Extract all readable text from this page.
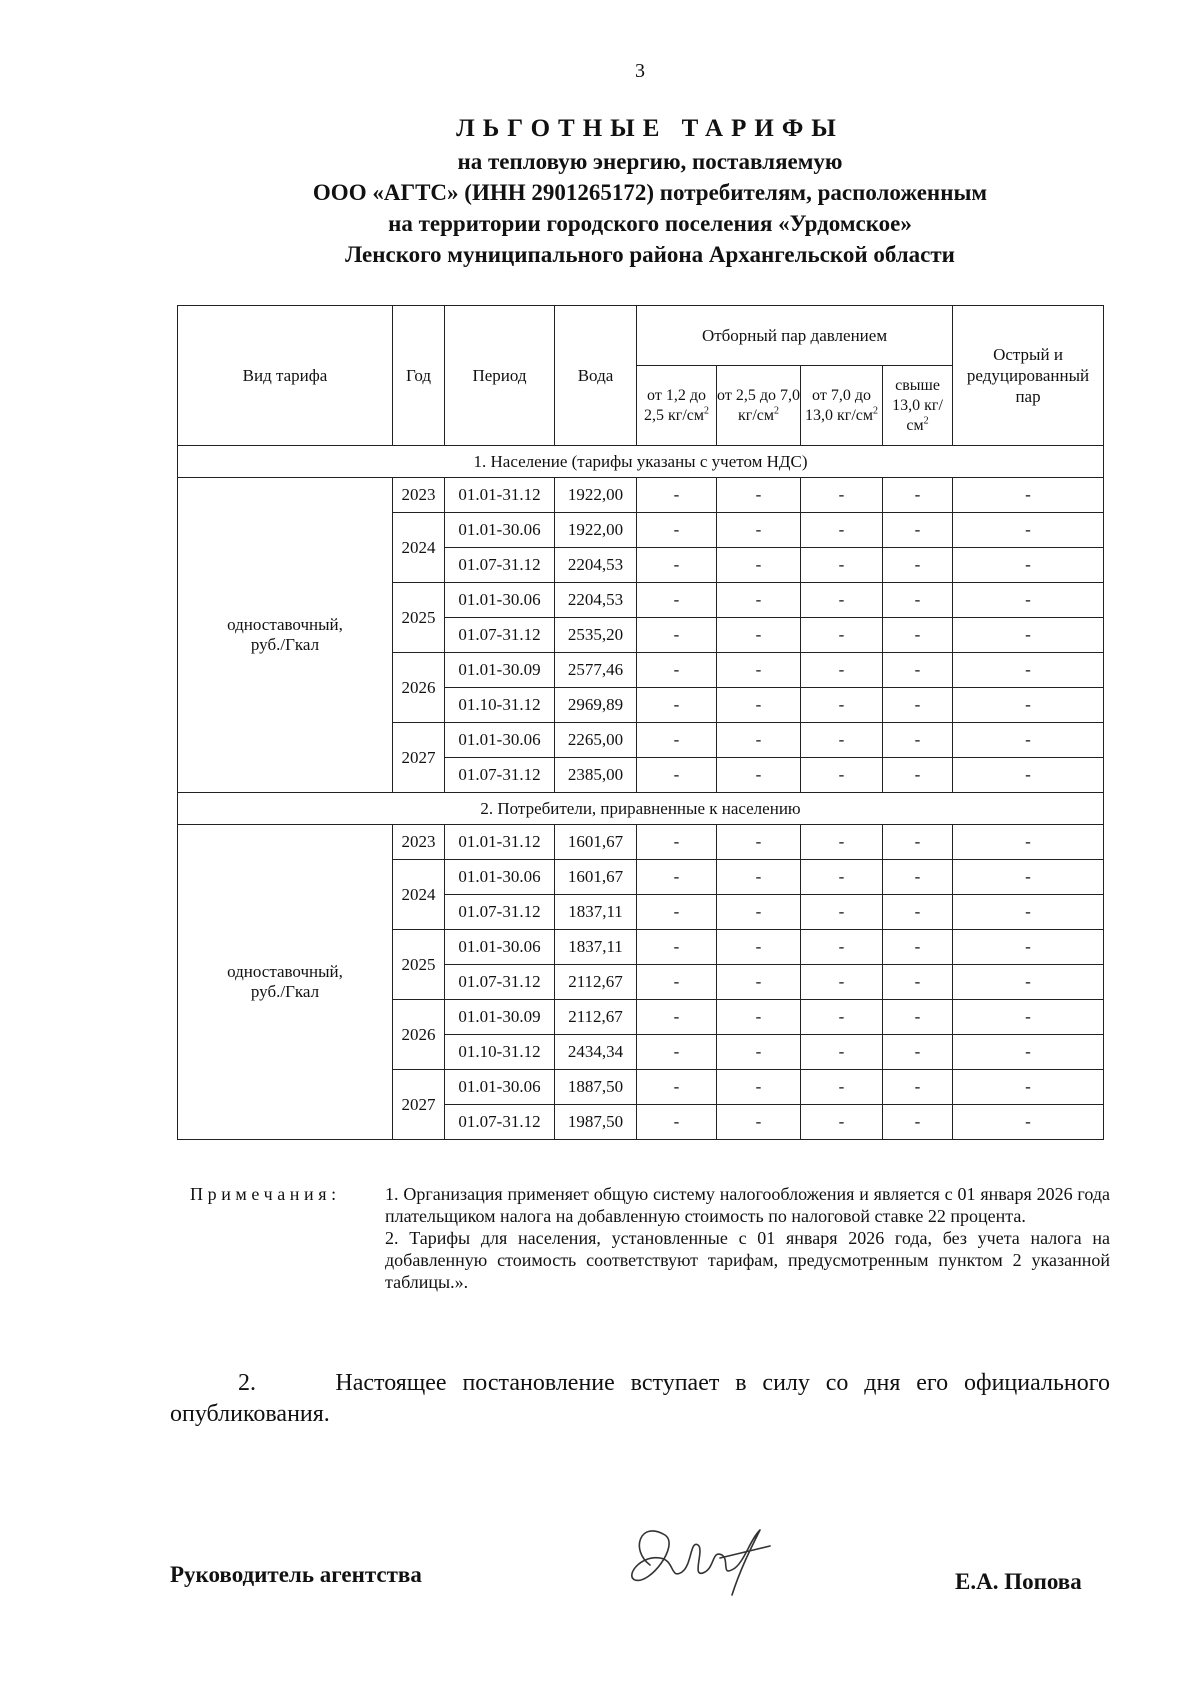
3
ЛЬГОТНЫЕ ТАРИФЫ
на тепловую энергию, поставляемую
ООО «АГТС» (ИНН 2901265172) потребителям, расположенным
на территории городского поселения «Урдомское»
Ленского муниципального района Архангельской области
Вид тарифа	Год	Период	Вода	Отборный пар давлением				Острый и редуцированный пар
				от 1,2 до 2,5 $кг/см^2$	от 2,5 до 7,0 $кг/см^2$	от 7,0 до 13,0 $кг/см^2$	свыше 13,0 $кг/см^2$
1. Население (тарифы указаны с учетом НДС)								
одноставочный, руб./Гкал	2023	01.01-31.12	1922,00	-	-	-	-	-
	2024	01.01-30.06	1922,00	-	-	-	-	-
		01.07-31.12	2204,53	-	-	-	-	-
	2025	01.01-30.06	2204,53	-	-	-	-	-
		01.07-31.12	2535,20	-	-	-	-	-
	2026	01.01-30.09	2577,46	-	-	-	-	-
		01.10-31.12	2969,89	-	-	-	-	-
	2027	01.01-30.06	2265,00	-	-	-	-	-
		01.07-31.12	2385,00	-	-	-	-	-
2. Потребители, приравненные к населению								
одноставочный, руб./Гкал	2023	01.01-31.12	1601,67	-	-	-	-	-
	2024	01.01-30.06	1601,67	-	-	-	-	-
		01.07-31.12	1837,11	-	-	-	-	-
	2025	01.01-30.06	1837,11	-	-	-	-	-
		01.07-31.12	2112,67	-	-	-	-	-
	2026	01.01-30.09	2112,67	-	-	-	-	-
		01.10-31.12	2434,34	-	-	-	-	-
	2027	01.01-30.06	1887,50	-	-	-	-	-
		01.07-31.12	1987,50	-	-	-	-	-
Примечания: 1. Организация применяет общую систему налогообложения и является с 01 января 2026 года плательщиком налога на добавленную стоимость по налоговой ставке 22 процента.

2. Тарифы для населения, установленные с 01 января 2026 года, без учета налога на добавленную стоимость соответствуют тарифам, предусмотренным пунктом 2 указанной таблицы.».

2.	Настоящее постановление вступает в силу со дня его официального опубликования.
Руководитель агентства	Е.А. Попова
